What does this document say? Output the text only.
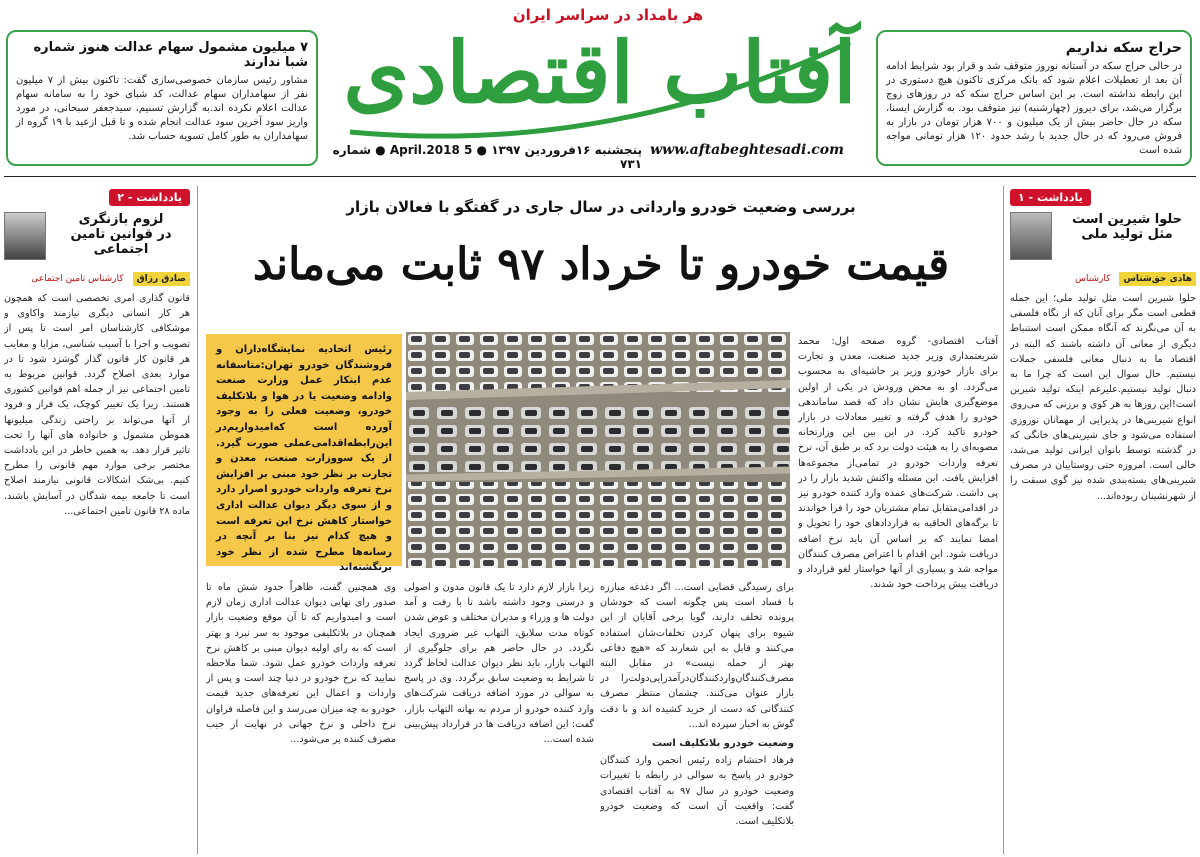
هر بامداد در سراسر ایران
آفتاب اقتصادی
www.aftabeghtesadi.com
پنجشنبه ۱۶فروردین ۱۳۹۷ ● 5 April.2018 ● شماره ۷۳۱
۷ میلیون مشمول سهام عدالت هنوز شماره شبا ندارند
مشاور رئیس سازمان خصوصی‌سازی گفت: تاکنون بیش از ۷ میلیون نفر از سهامداران سهام عدالت، کد شبای خود را به سامانه سهام عدالت اعلام نکرده اند.به گزارش تسنیم، سیدجعفر سبحانی، در مورد واریز سود آخرین سود عدالت انجام شده و تا قبل ازعید با ۱۹ گروه از سهامداران به طور کامل تسویه حساب شد.
حراج سکه نداریم
در حالی حراج سکه در آستانه نوروز متوقف شد و قرار بود شرایط ادامه آن بعد از تعطیلات اعلام شود که بانک مرکزی تاکنون هیچ دستوری در این رابطه نداشته است. بر این اساس حراج سکه که در روزهای زوج برگزار می‌شد، برای دیروز (چهارشنبه) نیز متوقف بود. به گزارش ایسنا، سکه در حال حاضر بیش از یک میلیون و ۷۰۰ هزار تومان در بازار به فروش می‌رود که در حال جدید با رشد حدود ۱۲۰ هزار تومانی مواجه شده است
یادداشت - ۱
حلوا شیرین است
مثل تولید ملی
هادی حق‌شناس کارشناس
حلوا شیرین است مثل تولید ملی؛ این جمله قطعی است مگر برای آنان که از نگاه فلسفی به آن می‌نگرند که آنگاه ممکن است استنباط دیگری از معانی آن داشته باشند که البته در اقتصاد ما به دنبال معانی فلسفی جملات نیستیم. حال سوال این است که چرا ما به دنبال تولید نیستیم.علیرغم اینکه تولید شیرین است!این روزها به هر کوی و برزنی که می‌روی انواع شیرینی‌ها در پذیرایی از مهمانان نوروزی استفاده می‌شود و جای شیرینی‌های خانگی که در گذشته توسط بانوان ایرانی تولید می‌شد، خالی است. امروزه حتی روستاییان در مصرف شیرینی‌های بسته‌بندی شده نیز گوی سبقت را از شهرنشینان ربوده‌اند...
یادداشت - ۲
لزوم بازنگری
در قوانین تامین اجتماعی
صادق رزاق کارشناس تامین اجتماعی
قانون گذاری امری تخصصی است که همچون هر کار انسانی دیگری نیازمند واکاوی و موشکافی کارشناسان امر است تا پس از تصویب و اجرا با آسیب شناسی، مزایا و معایب هر قانون کار قانون گذار گوشزد شود تا در موارد بعدی اصلاح گردد. قوانین مربوط به تامین اجتماعی نیز از جمله اهم قوانین کشوری هستند. زیرا یک تغییر کوچک، یک فراز و فرود از آنها می‌تواند بر راحتی زندگی میلیونها هموطن مشمول و خانواده های آنها را تحت تاثیر قرار دهد. به همین خاطر در این یادداشت مختصر برخی موارد مهم قانونی را مطرح کنیم. بی‌شک اشکالات قانونی نیازمند اصلاح است تا جامعه بیمه شدگان در آسایش باشند. ماده ۲۸ قانون تامین اجتماعی...
بررسی وضعیت خودرو وارداتی در سال جاری در گفتگو با فعالان بازار
قیمت خودرو تا خرداد ۹۷ ثابت می‌ماند
رئیس اتحادیه نمایشگاه‌داران و فروشندگان خودرو تهران:متاسفانه عدم ابتکار عمل وزارت صنعت وادامه وضعیت یا در هوا و بلاتکلیف خودرو، وضعیت فعلی را به وجود آورده است که‌امیدواریم‌در این‌رابطه‌اقدامی‌عملی صورت گیرد. از یک سووزارت صنعت، معدن و تجارت بر نظر خود مبنی بر افزایش نرخ تعرفه واردات خودرو اصرار دارد و از سوی دیگر دیوان عدالت اداری خواستار کاهش نرخ این تعرفه است و هیچ کدام نیز بنا بر آنچه در رسانه‌ها مطرح شده از نظر خود برنگشته‌اند
آفتاب اقتصادی- گروه صفحه اول: محمد شریعتمداری وزیر جدید صنعت، معدن و تجارت برای بازار خودرو وزیر پر حاشیه‌ای به محسوب می‌گردد. او به محض ورودش در یکی از اولین موضع‌گیری هایش نشان داد که قصد ساماندهی خودرو را هدف گرفته و تغییر معادلات در بازار خودرو تاکید کرد. در این بین این وزارتخانه مصوبه‌ای را به هیئت دولت برد که بر طبق آن، نرخ تعرفه واردات خودرو در تمامی‌از مجموعه‌ها افزایش یافت. این مسئله واکنش شدید بازار را در پی داشت. شرکت‌های عمده وارد کننده خودرو نیز در اقدامی‌متقابل تمام مشتریان خود را فرا خواندند تا برگه‌های الحاقیه به قراردادهای خود را تحویل و امضا نمایند که بر اساس آن باید نرخ اضافه دریافت شود. این اقدام با اعتراض مصرف کنندگان مواجه شد و بسیاری از آنها خواستار لغو قرارداد و دریافت پیش پرداخت خود شدند.

برای رسیدگی قضایی است... اگر دغدغه مبارزه با فساد است پس چگونه است که خودشان پرونده تخلف دارند، گویا برخی آقایان از این شیوه برای پنهان کردن تخلفات‌شان استفاده می‌کنند و قابل به این شعارند که «هیچ دفاعی بهتر از حمله نیست» در مقابل البته مصرف‌کنندگان‌وارد‌کنندگان‌درآمدزایی‌دولت‌را در بازار عنوان می‌کنند. چشمان منتظر مصرف کنندگانی که دست از خرید کشیده اند و با دقت گوش به اخبار سپرده اند...

وضعیت خودرو بلاتکلیف است

فرهاد احتشام زاده رئیس انجمن وارد کنندگان خودرو در پاسخ به سوالی در رابطه با تغییرات وضعیت خودرو در سال ۹۷ به آفتاب اقتصادی گفت: واقعیت آن است که وضعیت خودرو بلاتکلیف است.

زیرا بازار لازم دارد تا یک قانون مدون و اصولی و درستی وجود داشته باشد تا با رفت و آمد دولت ها و وزراء و مدیران مختلف و عوض شدن کوتاه مدت سلایق، التهاب غیر ضروری ایجاد نگردد. در حال حاضر هم برای جلوگیری از التهاب بازار، باید نظر دیوان عدالت لحاظ گردد تا شرایط به وضعیت سابق برگردد. وی در پاسخ به سوالی در مورد اضافه دریافت شرکت‌های وارد کننده خودرو از مردم به بهانه التهاب بازار، گفت: این اضافه دریافت ها در قرارداد پیش‌بینی شده است...
وی همچنین گفت، ظاهراً حدود شش ماه تا صدور رای نهایی دیوان عدالت اداری زمان لازم است و امیدواریم که تا آن موقع وضعیت بازار همچنان در بلاتکلیفی موجود به سر نبرد و بهتر است که به رای اولیه دیوان مبنی بر کاهش نرخ تعرفه واردات خودرو عمل شود. شما ملاحظه نمایید که نرخ خودرو در دنیا چند است و پس از واردات و اعمال این تعرفه‌های جدید قیمت خودرو به چه میزان می‌رسد و این فاصله فراوان نرخ داخلی و نرخ جهانی در نهایت از جیب مصرف کننده پر می‌شود...
